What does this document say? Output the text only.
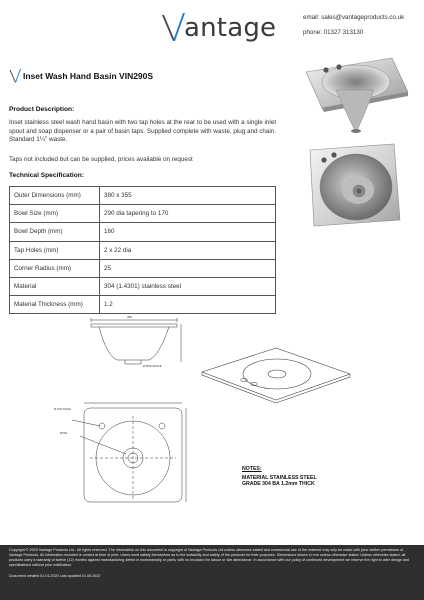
antage	email: sales@vantageproducts.co.uk
phone: 01327 313130
Inset Wash Hand Basin VIN290S
Product Description:
Inset stainless steel wash hand basin with two tap holes at the rear to be used with a single inlet spout and soap dispenser or a pair of basin taps. Supplied complete with waste, plug and chain. Standard 1¼" waste.
Taps not included but can be supplied, prices available on request
Technical Specification:
Outer Dimensions (mm)	380 x 355
Bowl Size (mm)	290 dia tapering to 170
Bowl Depth (mm)	160
Tap Holes (mm)	2 x 22 dia
Corner Radius (mm)	25
Material	304 (1.4301) stainless steel
Material Thickness (mm)	1.2
380
Ø PIPE WASTE
Ø TAP HOLES
BOWL
NOTES:
MATERIAL STAINLESS STEEL
GRADE 304 BA 1.2mm THICK
Copyright © 2020 Vantage Products Ltd - All rights reserved. The information on this document is copyright of Vantage Products Ltd unless otherwise stated and commercial use of the material may only be made with prior written permission of Vantage Products. All information included is correct at time of print. Users must satisfy themselves as to the suitability and safety of the products for their purposes. Dimensions shown in mm unless otherwise stated. Unless otherwise stated, all products carry a warranty of twelve (12) months against manufacturing defect in workmanship or parts, with no inclusion for labour or site attendance. In accordance with our policy of continued development we reserve the right to alter design and specifications without prior notification.
Document created 01.01.2020 Last updated 01.06.2022
